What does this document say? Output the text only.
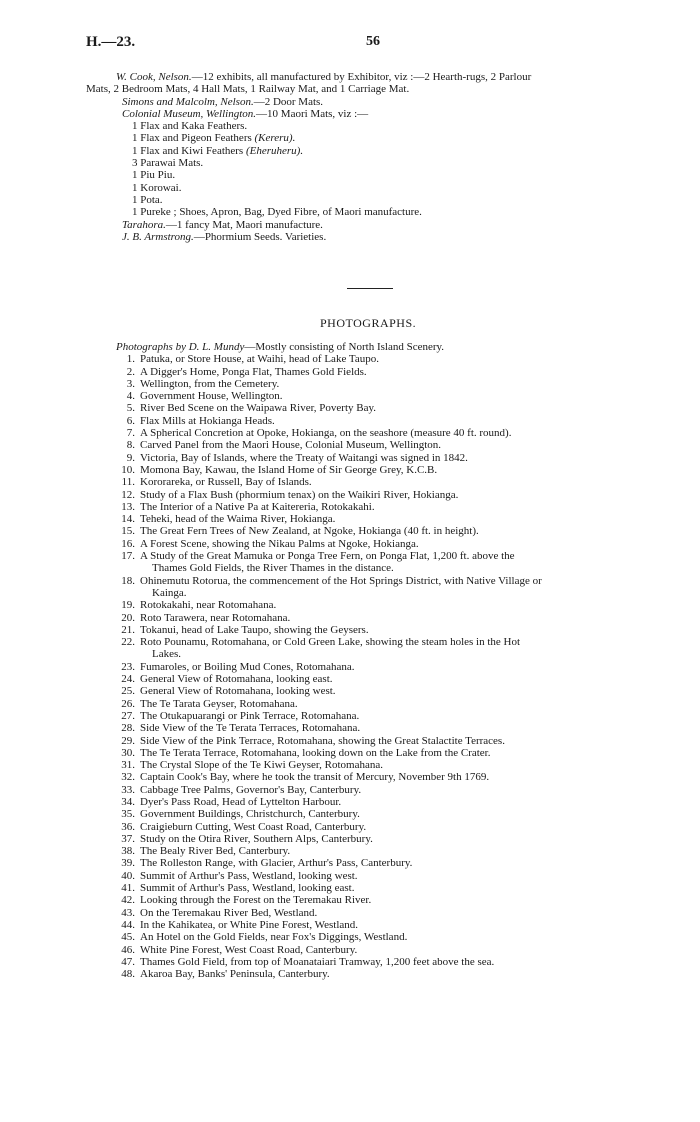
H.—23.	56

W. Cook, Nelson.—12 exhibits, all manufactured by Exhibitor, viz :—2 Hearth-rugs, 2 Parlour

Mats, 2 Bedroom Mats, 4 Hall Mats, 1 Railway Mat, and 1 Carriage Mat.

Simons and Malcolm, Nelson.—2 Door Mats.

Colonial Museum, Wellington.—10 Maori Mats, viz :—

1 Flax and Kaka Feathers.

1 Flax and Pigeon Feathers (Kereru).

1 Flax and Kiwi Feathers (Eheruheru).

3 Parawai Mats.

1 Piu Piu.

1 Korowai.

1 Pota.

1 Pureke ; Shoes, Apron, Bag, Dyed Fibre, of Maori manufacture.

Tarahora.—1 fancy Mat, Maori manufacture.

J. B. Armstrong.—Phormium Seeds. Varieties.

PHOTOGRAPHS.

Photographs by D. L. Mundy—Mostly consisting of North Island Scenery.

1. Patuka, or Store House, at Waihi, head of Lake Taupo.
2. A Digger's Home, Ponga Flat, Thames Gold Fields.
3. Wellington, from the Cemetery.
4. Government House, Wellington.
5. River Bed Scene on the Waipawa River, Poverty Bay.
6. Flax Mills at Hokianga Heads.
7. A Spherical Concretion at Opoke, Hokianga, on the seashore (measure 40 ft. round).
8. Carved Panel from the Maori House, Colonial Museum, Wellington.
9. Victoria, Bay of Islands, where the Treaty of Waitangi was signed in 1842.
10. Momona Bay, Kawau, the Island Home of Sir George Grey, K.C.B.
11. Kororareka, or Russell, Bay of Islands.
12. Study of a Flax Bush (phormium tenax) on the Waikiri River, Hokianga.
13. The Interior of a Native Pa at Kaitereria, Rotokakahi.
14. Teheki, head of the Waima River, Hokianga.
15. The Great Fern Trees of New Zealand, at Ngoke, Hokianga (40 ft. in height).
16. A Forest Scene, showing the Nikau Palms at Ngoke, Hokianga.
17. A Study of the Great Mamuka or Ponga Tree Fern, on Ponga Flat, 1,200 ft. above the
Thames Gold Fields, the River Thames in the distance.
18. Ohinemutu Rotorua, the commencement of the Hot Springs District, with Native Village or
Kainga.
19. Rotokakahi, near Rotomahana.
20. Roto Tarawera, near Rotomahana.
21. Tokanui, head of Lake Taupo, showing the Geysers.
22. Roto Pounamu, Rotomahana, or Cold Green Lake, showing the steam holes in the Hot
Lakes.
23. Fumaroles, or Boiling Mud Cones, Rotomahana.
24. General View of Rotomahana, looking east.
25. General View of Rotomahana, looking west.
26. The Te Tarata Geyser, Rotomahana.
27. The Otukapuarangi or Pink Terrace, Rotomahana.
28. Side View of the Te Terata Terraces, Rotomahana.
29. Side View of the Pink Terrace, Rotomahana, showing the Great Stalactite Terraces.
30. The Te Terata Terrace, Rotomahana, looking down on the Lake from the Crater.
31. The Crystal Slope of the Te Kiwi Geyser, Rotomahana.
32. Captain Cook's Bay, where he took the transit of Mercury, November 9th 1769.
33. Cabbage Tree Palms, Governor's Bay, Canterbury.
34. Dyer's Pass Road, Head of Lyttelton Harbour.
35. Government Buildings, Christchurch, Canterbury.
36. Craigieburn Cutting, West Coast Road, Canterbury.
37. Study on the Otira River, Southern Alps, Canterbury.
38. The Bealy River Bed, Canterbury.
39. The Rolleston Range, with Glacier, Arthur's Pass, Canterbury.
40. Summit of Arthur's Pass, Westland, looking west.
41. Summit of Arthur's Pass, Westland, looking east.
42. Looking through the Forest on the Teremakau River.
43. On the Teremakau River Bed, Westland.
44. In the Kahikatea, or White Pine Forest, Westland.
45. An Hotel on the Gold Fields, near Fox's Diggings, Westland.
46. White Pine Forest, West Coast Road, Canterbury.
47. Thames Gold Field, from top of Moanataiari Tramway, 1,200 feet above the sea.
48. Akaroa Bay, Banks' Peninsula, Canterbury.
